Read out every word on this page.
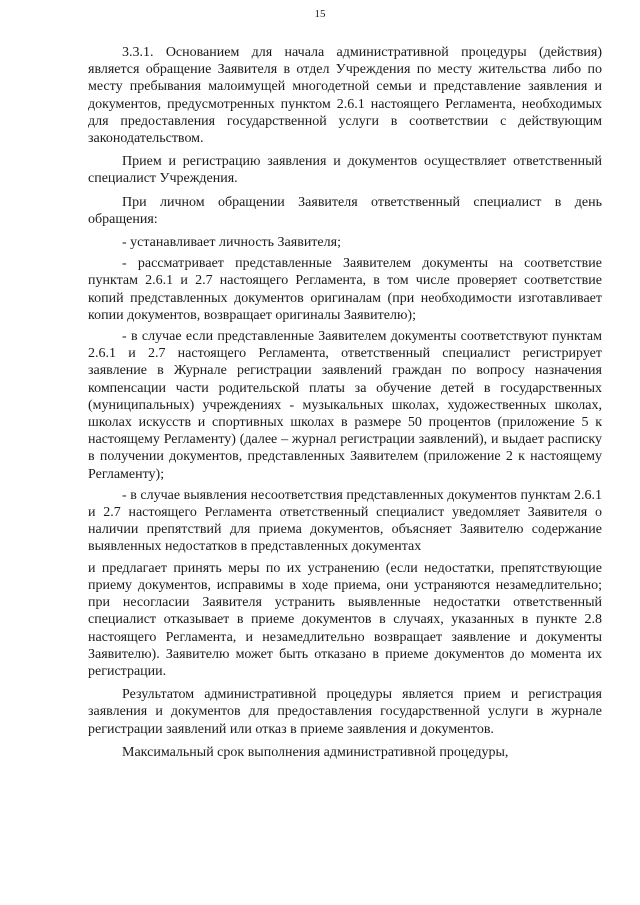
15

3.3.1. Основанием для начала административной процедуры (действия) является обращение Заявителя в отдел Учреждения по месту жительства либо по месту пребывания малоимущей многодетной семьи и представление заявления и документов, предусмотренных пунктом 2.6.1 настоящего Регламента, необходимых для предоставления государственной услуги в соответствии с действующим законодательством.

Прием и регистрацию заявления и документов осуществляет ответственный специалист Учреждения.

При личном обращении Заявителя ответственный специалист в день обращения:

- устанавливает личность Заявителя;

- рассматривает представленные Заявителем документы на соответствие пунктам 2.6.1 и 2.7 настоящего Регламента, в том числе проверяет соответствие копий представленных документов оригиналам (при необходимости изготавливает копии документов, возвращает оригиналы Заявителю);

- в случае если представленные Заявителем документы соответствуют пунктам 2.6.1 и 2.7 настоящего Регламента, ответственный специалист регистрирует заявление в Журнале регистрации заявлений граждан по вопросу назначения компенсации части родительской платы за обучение детей в государственных (муниципальных) учреждениях - музыкальных школах, художественных школах, школах искусств и спортивных школах в размере 50 процентов (приложение 5 к настоящему Регламенту) (далее – журнал регистрации заявлений), и выдает расписку в получении документов, представленных Заявителем (приложение 2 к настоящему Регламенту);

- в случае выявления несоответствия представленных документов пунктам 2.6.1 и 2.7 настоящего Регламента ответственный специалист уведомляет Заявителя о наличии препятствий для приема документов, объясняет Заявителю содержание выявленных недостатков в представленных документах

и предлагает принять меры по их устранению (если недостатки, препятствующие приему документов, исправимы в ходе приема, они устраняются незамедлительно; при несогласии Заявителя устранить выявленные недостатки ответственный специалист отказывает в приеме документов в случаях, указанных в пункте 2.8 настоящего Регламента, и незамедлительно возвращает заявление и документы Заявителю). Заявителю может быть отказано в приеме документов до момента их регистрации.

Результатом административной процедуры является прием и регистрация заявления и документов для предоставления государственной услуги в журнале регистрации заявлений или отказ в приеме заявления и документов.

Максимальный срок выполнения административной процедуры,
